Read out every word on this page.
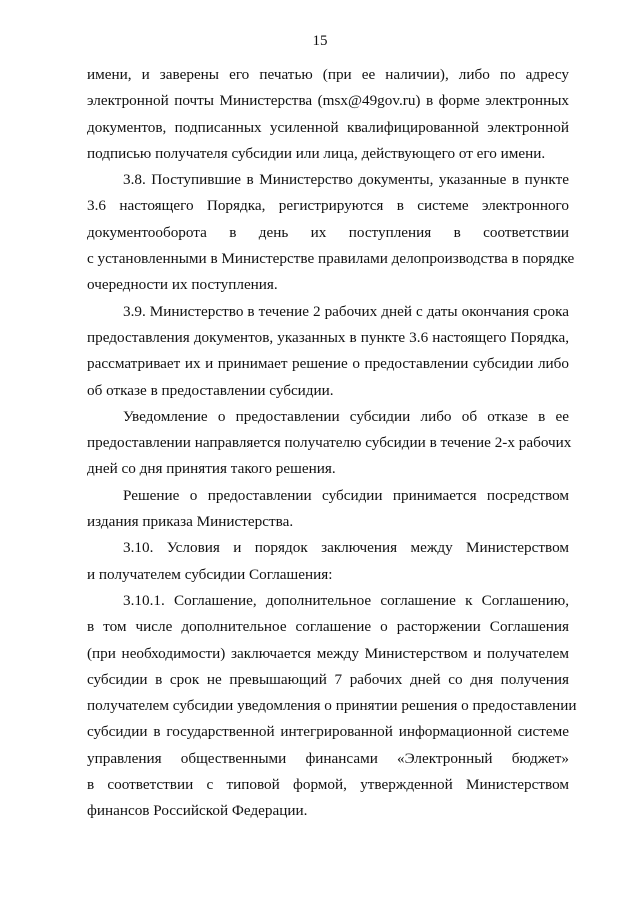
15
имени, и заверены его печатью (при ее наличии), либо по адресу
электронной почты Министерства (msx@49gov.ru) в форме электронных
документов, подписанных усиленной квалифицированной электронной
подписью получателя субсидии или лица, действующего от его имени.
3.8. Поступившие в Министерство документы, указанные в пункте
3.6 настоящего Порядка, регистрируются в системе электронного
документооборота в день их поступления в соответствии
с установленными в Министерстве правилами делопроизводства в порядке
очередности их поступления.
3.9. Министерство в течение 2 рабочих дней с даты окончания срока
предоставления документов, указанных в пункте 3.6 настоящего Порядка,
рассматривает их и принимает решение о предоставлении субсидии либо
об отказе в предоставлении субсидии.
Уведомление о предоставлении субсидии либо об отказе в ее
предоставлении направляется получателю субсидии в течение 2-х рабочих
дней со дня принятия такого решения.
Решение о предоставлении субсидии принимается посредством
издания приказа Министерства.
3.10. Условия и порядок заключения между Министерством
и получателем субсидии Соглашения:
3.10.1. Соглашение, дополнительное соглашение к Соглашению,
в том числе дополнительное соглашение о расторжении Соглашения
(при необходимости) заключается между Министерством и получателем
субсидии в срок не превышающий 7 рабочих дней со дня получения
получателем субсидии уведомления о принятии решения о предоставлении
субсидии в государственной интегрированной информационной системе
управления общественными финансами «Электронный бюджет»
в соответствии с типовой формой, утвержденной Министерством
финансов Российской Федерации.
